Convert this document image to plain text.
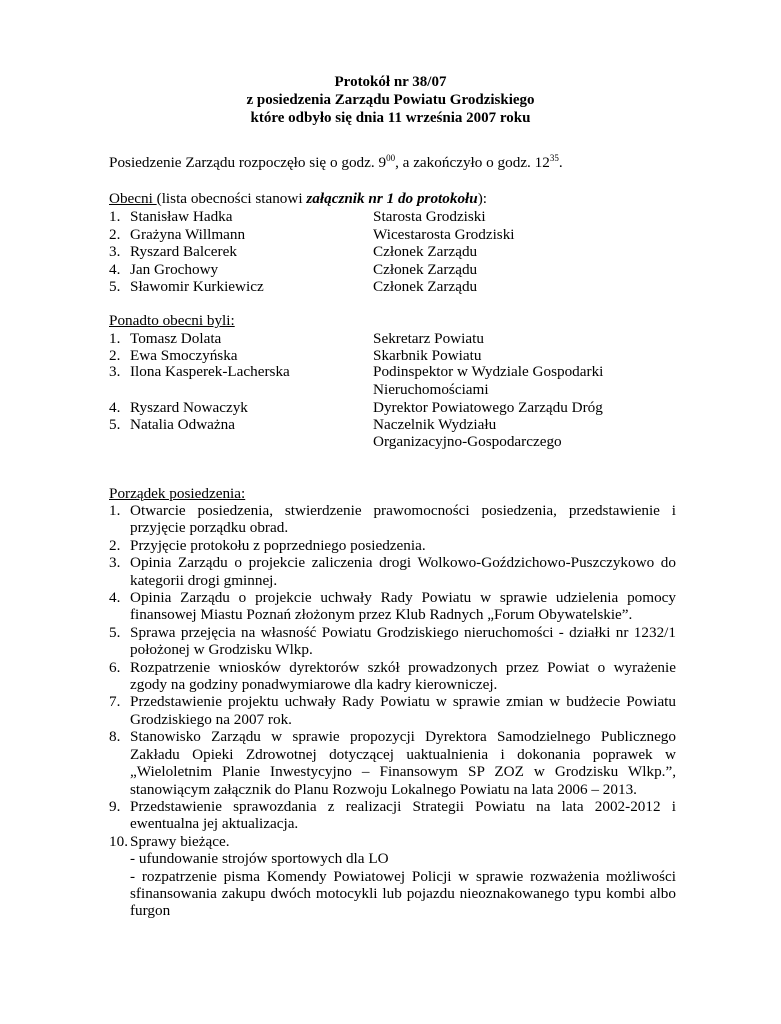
Protokół nr 38/07
z posiedzenia Zarządu Powiatu Grodziskiego
które odbyło się dnia 11 września 2007 roku
Posiedzenie Zarządu rozpoczęło się o godz. $9^{00}$, a zakończyło o godz. $12^{35}$.
Obecni (lista obecności stanowi załącznik nr 1 do protokołu):
1. Stanisław Hadka	Starosta Grodziski
2. Grażyna Willmann	Wicestarosta Grodziski
3. Ryszard Balcerek	Członek Zarządu
4. Jan Grochowy	Członek Zarządu
5. Sławomir Kurkiewicz	Członek Zarządu
Ponadto obecni byli:
1. Tomasz Dolata	Sekretarz Powiatu
2. Ewa Smoczyńska	Skarbnik Powiatu
3. Ilona Kasperek-Lacherska	Podinspektor w Wydziale Gospodarki
Nieruchomościami
4. Ryszard Nowaczyk	Dyrektor Powiatowego Zarządu Dróg
5. Natalia Odważna	Naczelnik Wydziału
Organizacyjno-Gospodarczego
Porządek posiedzenia:
1. Otwarcie posiedzenia, stwierdzenie prawomocności posiedzenia, przedstawienie i przyjęcie porządku obrad.
2. Przyjęcie protokołu z poprzedniego posiedzenia.
3. Opinia Zarządu o projekcie zaliczenia drogi Wolkowo-Goździchowo-Puszczykowo do kategorii drogi gminnej.
4. Opinia Zarządu o projekcie uchwały Rady Powiatu w sprawie udzielenia pomocy finansowej Miastu Poznań złożonym przez Klub Radnych „Forum Obywatelskie”.
5. Sprawa przejęcia na własność Powiatu Grodziskiego nieruchomości - działki nr 1232/1 położonej w Grodzisku Wlkp.
6. Rozpatrzenie wniosków dyrektorów szkół prowadzonych przez Powiat o wyrażenie zgody na godziny ponadwymiarowe dla kadry kierowniczej.
7. Przedstawienie projektu uchwały Rady Powiatu w sprawie zmian w budżecie Powiatu Grodziskiego na 2007 rok.
8. Stanowisko Zarządu w sprawie propozycji Dyrektora Samodzielnego Publicznego Zakładu Opieki Zdrowotnej dotyczącej uaktualnienia i dokonania poprawek w „Wieloletnim Planie Inwestycyjno – Finansowym SP ZOZ w Grodzisku Wlkp.”, stanowiącym załącznik do Planu Rozwoju Lokalnego Powiatu na lata 2006 – 2013.
9. Przedstawienie sprawozdania z realizacji Strategii Powiatu na lata 2002-2012 i ewentualna jej aktualizacja.
10. Sprawy bieżące.
- ufundowanie strojów sportowych dla LO
- rozpatrzenie pisma Komendy Powiatowej Policji w sprawie rozważenia możliwości sfinansowania zakupu dwóch motocykli lub pojazdu nieoznakowanego typu kombi albo furgon
